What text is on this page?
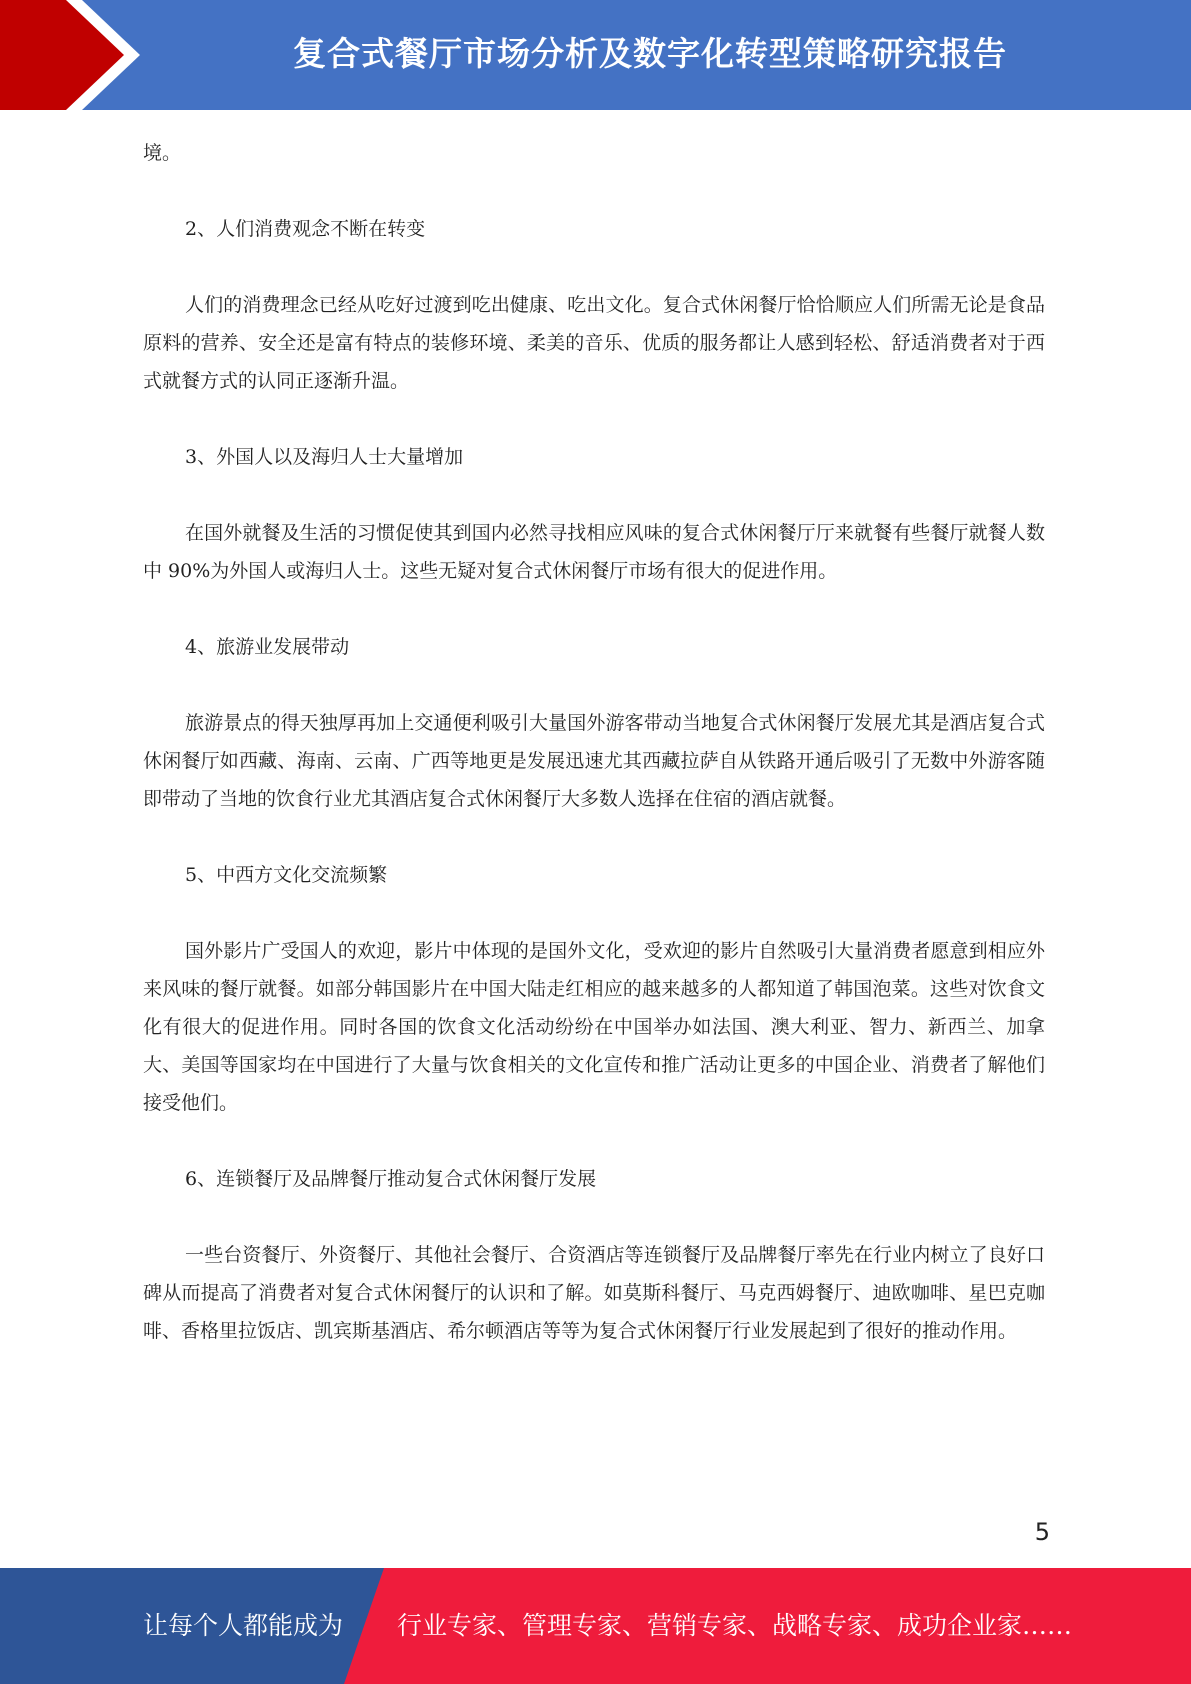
复合式餐厅市场分析及数字化转型策略研究报告

境。

2、人们消费观念不断在转变

人们的消费理念已经从吃好过渡到吃出健康、吃出文化。复合式休闲餐厅恰恰顺应人们所需无论是食品原料的营养、安全还是富有特点的装修环境、柔美的音乐、优质的服务都让人感到轻松、舒适消费者对于西式就餐方式的认同正逐渐升温。

3、外国人以及海归人士大量增加

在国外就餐及生活的习惯促使其到国内必然寻找相应风味的复合式休闲餐厅厅来就餐有些餐厅就餐人数中 90%为外国人或海归人士。这些无疑对复合式休闲餐厅市场有很大的促进作用。

4、旅游业发展带动

旅游景点的得天独厚再加上交通便利吸引大量国外游客带动当地复合式休闲餐厅发展尤其是酒店复合式休闲餐厅如西藏、海南、云南、广西等地更是发展迅速尤其西藏拉萨自从铁路开通后吸引了无数中外游客随即带动了当地的饮食行业尤其酒店复合式休闲餐厅大多数人选择在住宿的酒店就餐。

5、中西方文化交流频繁

国外影片广受国人的欢迎，影片中体现的是国外文化，受欢迎的影片自然吸引大量消费者愿意到相应外来风味的餐厅就餐。如部分韩国影片在中国大陆走红相应的越来越多的人都知道了韩国泡菜。这些对饮食文化有很大的促进作用。同时各国的饮食文化活动纷纷在中国举办如法国、澳大利亚、智力、新西兰、加拿大、美国等国家均在中国进行了大量与饮食相关的文化宣传和推广活动让更多的中国企业、消费者了解他们接受他们。

6、连锁餐厅及品牌餐厅推动复合式休闲餐厅发展

一些台资餐厅、外资餐厅、其他社会餐厅、合资酒店等连锁餐厅及品牌餐厅率先在行业内树立了良好口碑从而提高了消费者对复合式休闲餐厅的认识和了解。如莫斯科餐厅、马克西姆餐厅、迪欧咖啡、星巴克咖啡、香格里拉饭店、凯宾斯基酒店、希尔顿酒店等等为复合式休闲餐厅行业发展起到了很好的推动作用。

5
让每个人都能成为 行业专家、管理专家、营销专家、战略专家、成功企业家……
